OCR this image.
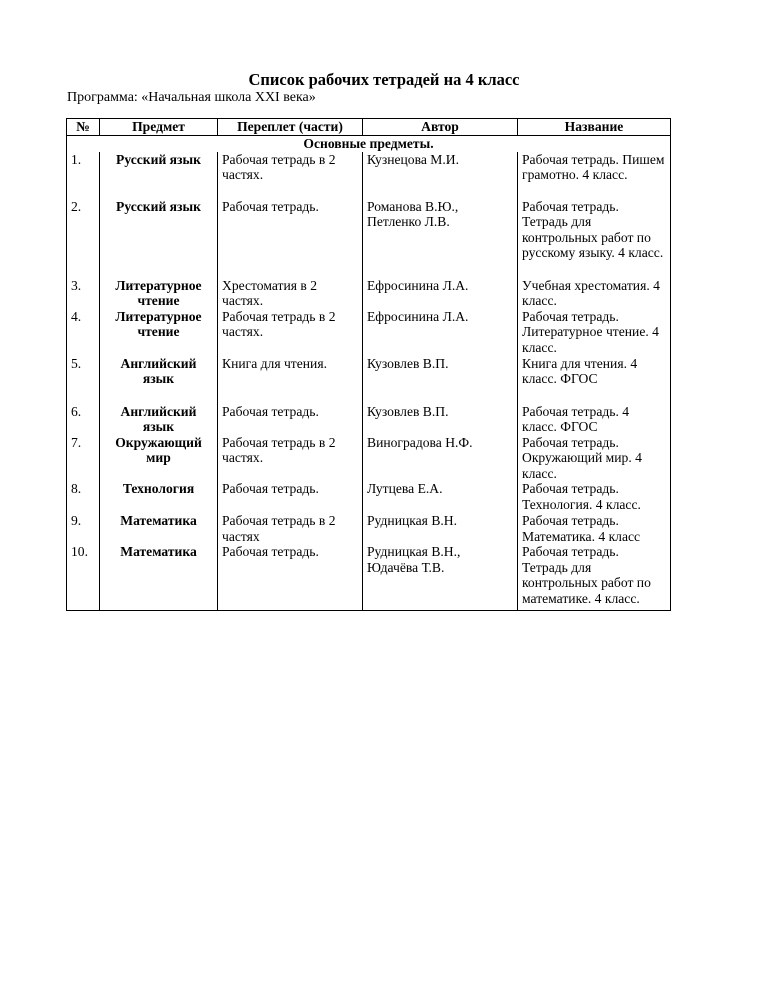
Список рабочих тетрадей на 4 класс

Программа: «Начальная школа XXI века»

№	Предмет	Переплет (части)	Автор	Название
Основные предметы.				
1.	Русский язык	Рабочая тетрадь в 2 частях.	Кузнецова М.И.	Рабочая тетрадь. Пишем грамотно. 4 класс.
2.	Русский язык	Рабочая тетрадь.	Романова В.Ю., Петленко Л.В.	Рабочая тетрадь. Тетрадь для контрольных работ по русскому языку. 4 класс.
3.	Литературное чтение	Хрестоматия в 2 частях.	Ефросинина Л.А.	Учебная хрестоматия. 4 класс.
4.	Литературное чтение	Рабочая тетрадь в 2 частях.	Ефросинина Л.А.	Рабочая тетрадь. Литературное чтение. 4 класс.
5.	Английский язык	Книга для чтения.	Кузовлев В.П.	Книга для чтения. 4 класс. ФГОС
6.	Английский язык	Рабочая тетрадь.	Кузовлев В.П.	Рабочая тетрадь. 4 класс. ФГОС
7.	Окружающий мир	Рабочая тетрадь в 2 частях.	Виноградова Н.Ф.	Рабочая тетрадь. Окружающий мир. 4 класс.
8.	Технология	Рабочая тетрадь.	Лутцева Е.А.	Рабочая тетрадь. Технология. 4 класс.
9.	Математика	Рабочая тетрадь в 2 частях	Рудницкая В.Н.	Рабочая тетрадь. Математика. 4 класс
10.	Математика	Рабочая тетрадь.	Рудницкая В.Н., Юдачёва Т.В.	Рабочая тетрадь. Тетрадь для контрольных работ по математике. 4 класс.
